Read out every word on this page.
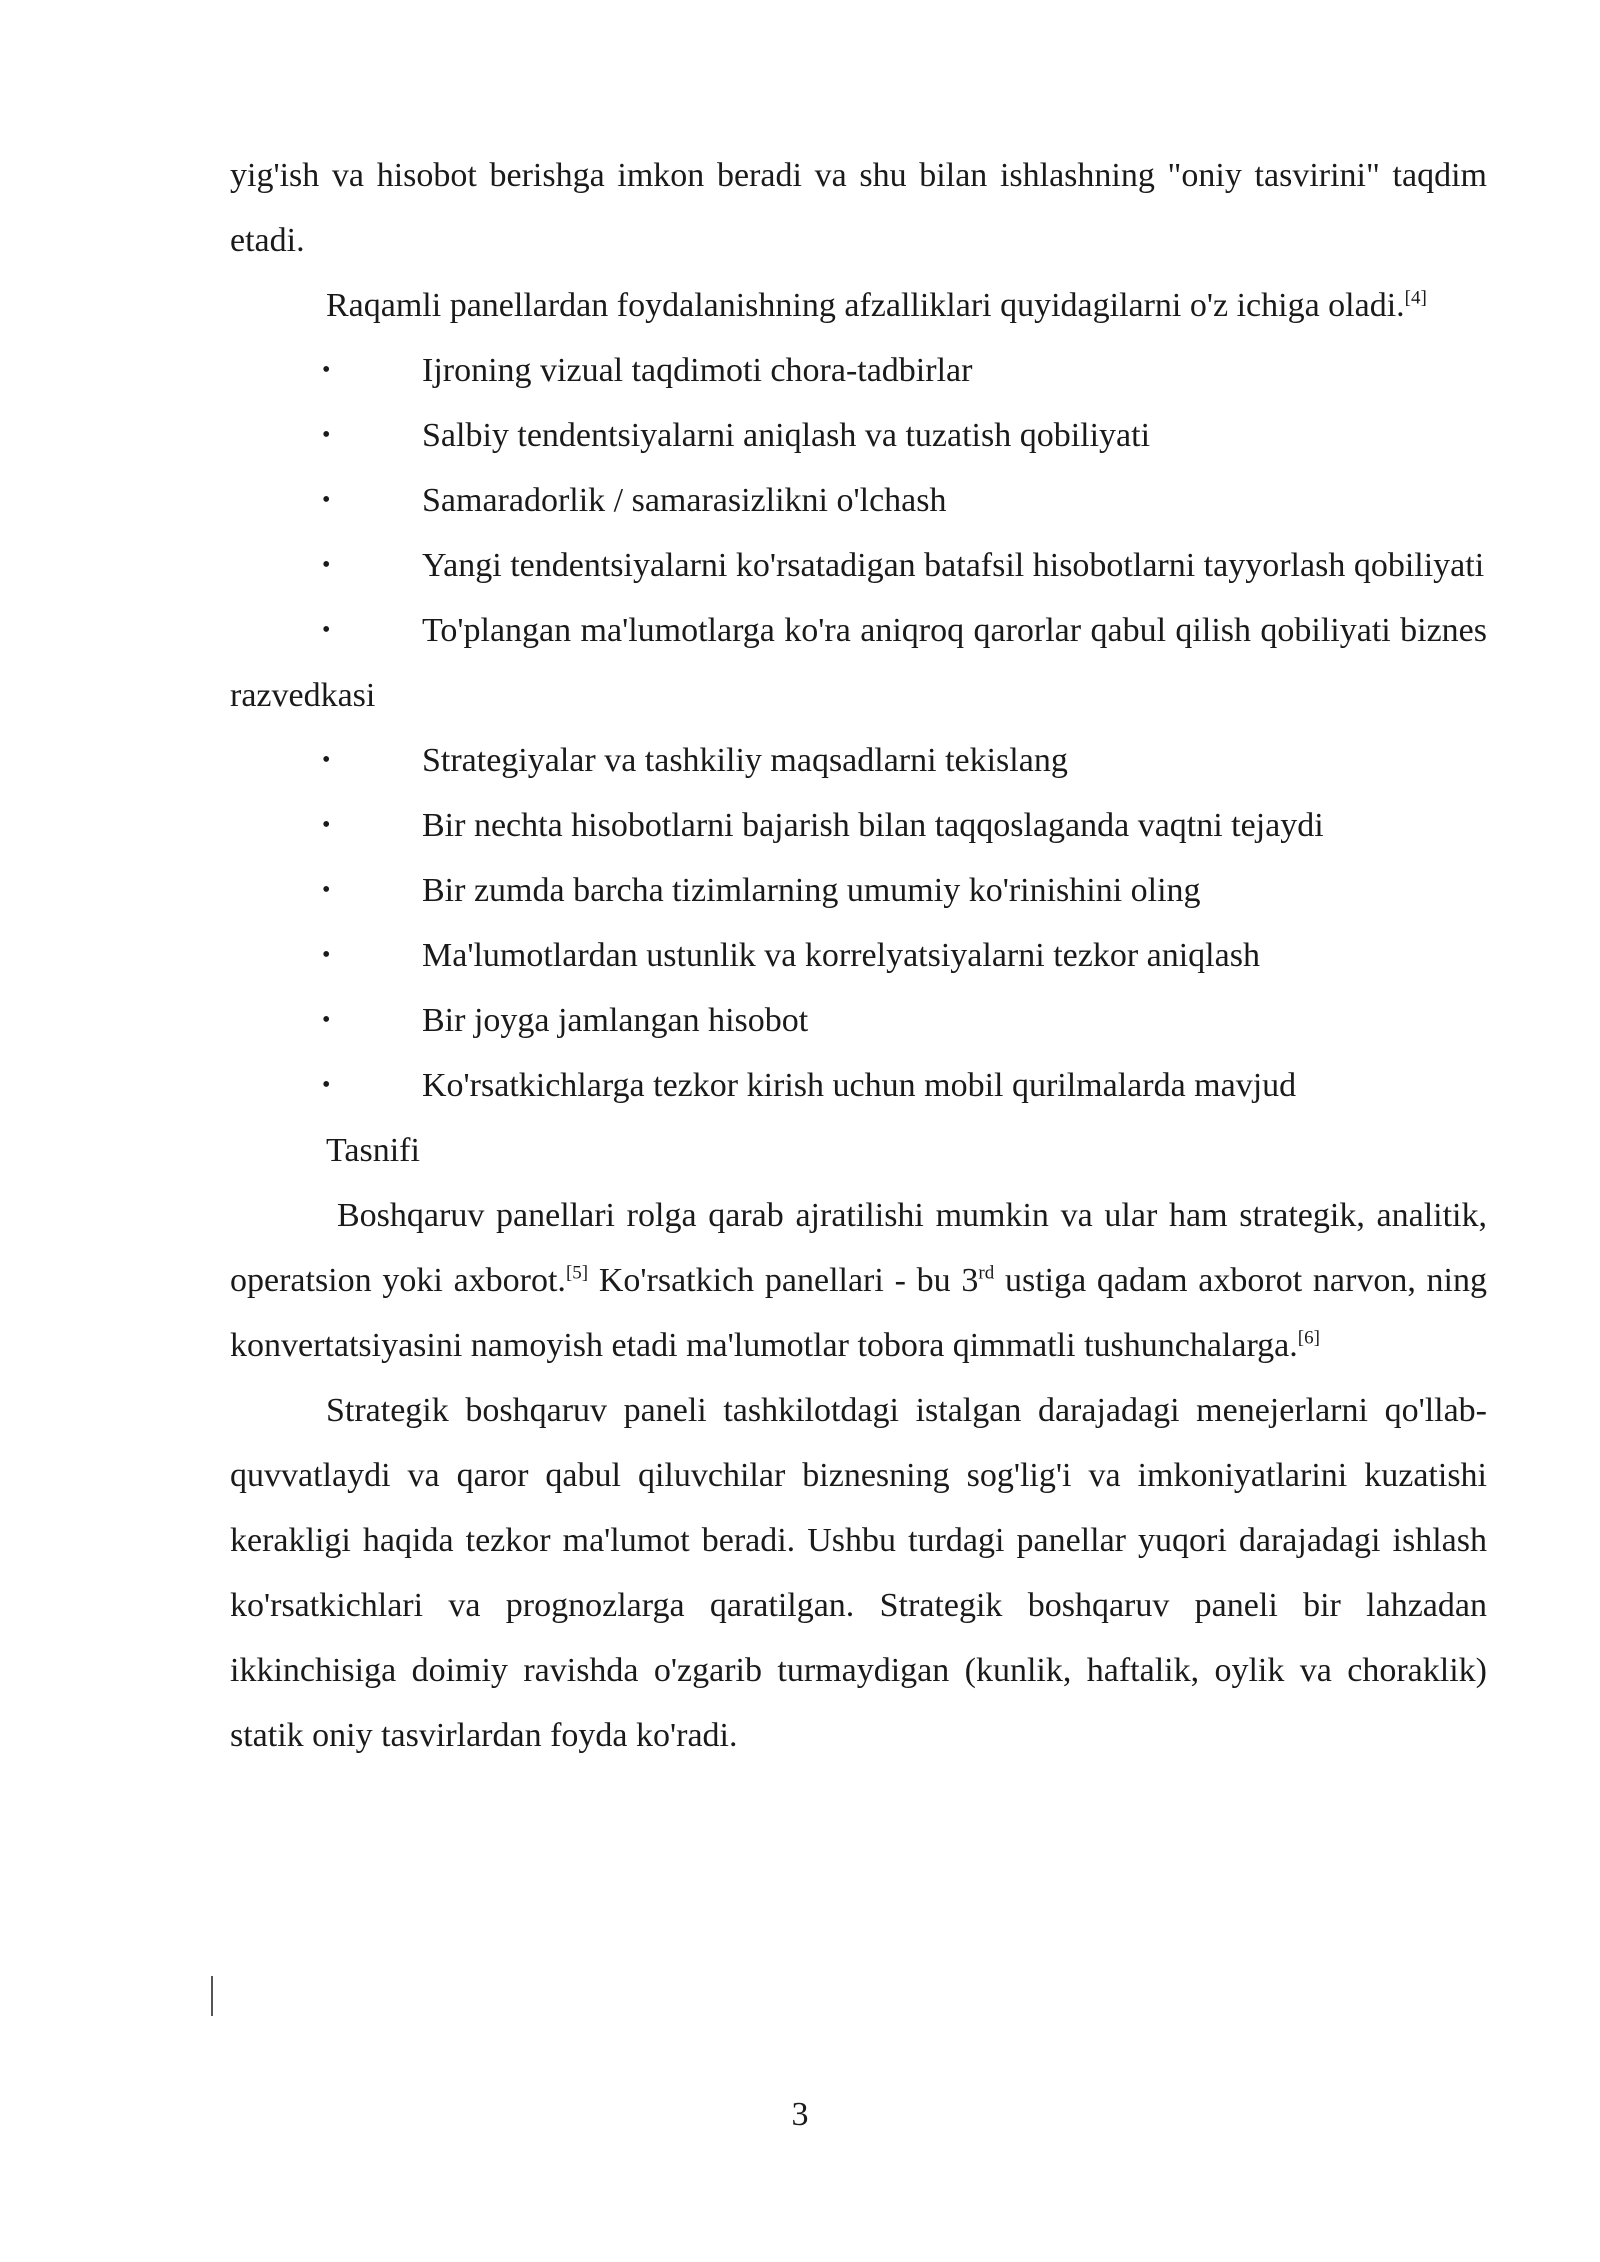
yig'ish va hisobot berishga imkon beradi va shu bilan ishlashning "oniy tasvirini" taqdim etadi.

Raqamli panellardan foydalanishning afzalliklari quyidagilarni o'z ichiga oladi.[4]

•	Ijroning vizual taqdimoti chora-tadbirlar
•	Salbiy tendentsiyalarni aniqlash va tuzatish qobiliyati
•	Samaradorlik / samarasizlikni o'lchash

•	Yangi tendentsiyalarni ko'rsatadigan batafsil hisobotlarni tayyorlash qobiliyati

•	To'plangan ma'lumotlarga ko'ra aniqroq qarorlar qabul qilish qobiliyati biznes razvedkasi

•	Strategiyalar va tashkiliy maqsadlarni tekislang
•	Bir nechta hisobotlarni bajarish bilan taqqoslaganda vaqtni tejaydi
•	Bir zumda barcha tizimlarning umumiy ko'rinishini oling
•	Ma'lumotlardan ustunlik va korrelyatsiyalarni tezkor aniqlash
•	Bir joyga jamlangan hisobot
•	Ko'rsatkichlarga tezkor kirish uchun mobil qurilmalarda mavjud

Tasnifi

Boshqaruv panellari rolga qarab ajratilishi mumkin va ular ham strategik, analitik, operatsion yoki axborot.[5] Ko'rsatkich panellari - bu 3rd ustiga qadam axborot narvon, ning konvertatsiyasini namoyish etadi ma'lumotlar tobora qimmatli tushunchalarga.[6]

Strategik boshqaruv paneli tashkilotdagi istalgan darajadagi menejerlarni qo'llab-quvvatlaydi va qaror qabul qiluvchilar biznesning sog'lig'i va imkoniyatlarini kuzatishi kerakligi haqida tezkor ma'lumot beradi. Ushbu turdagi panellar yuqori darajadagi ishlash ko'rsatkichlari va prognozlarga qaratilgan. Strategik boshqaruv paneli bir lahzadan ikkinchisiga doimiy ravishda o'zgarib turmaydigan (kunlik, haftalik, oylik va choraklik) statik oniy tasvirlardan foyda ko'radi.

3
